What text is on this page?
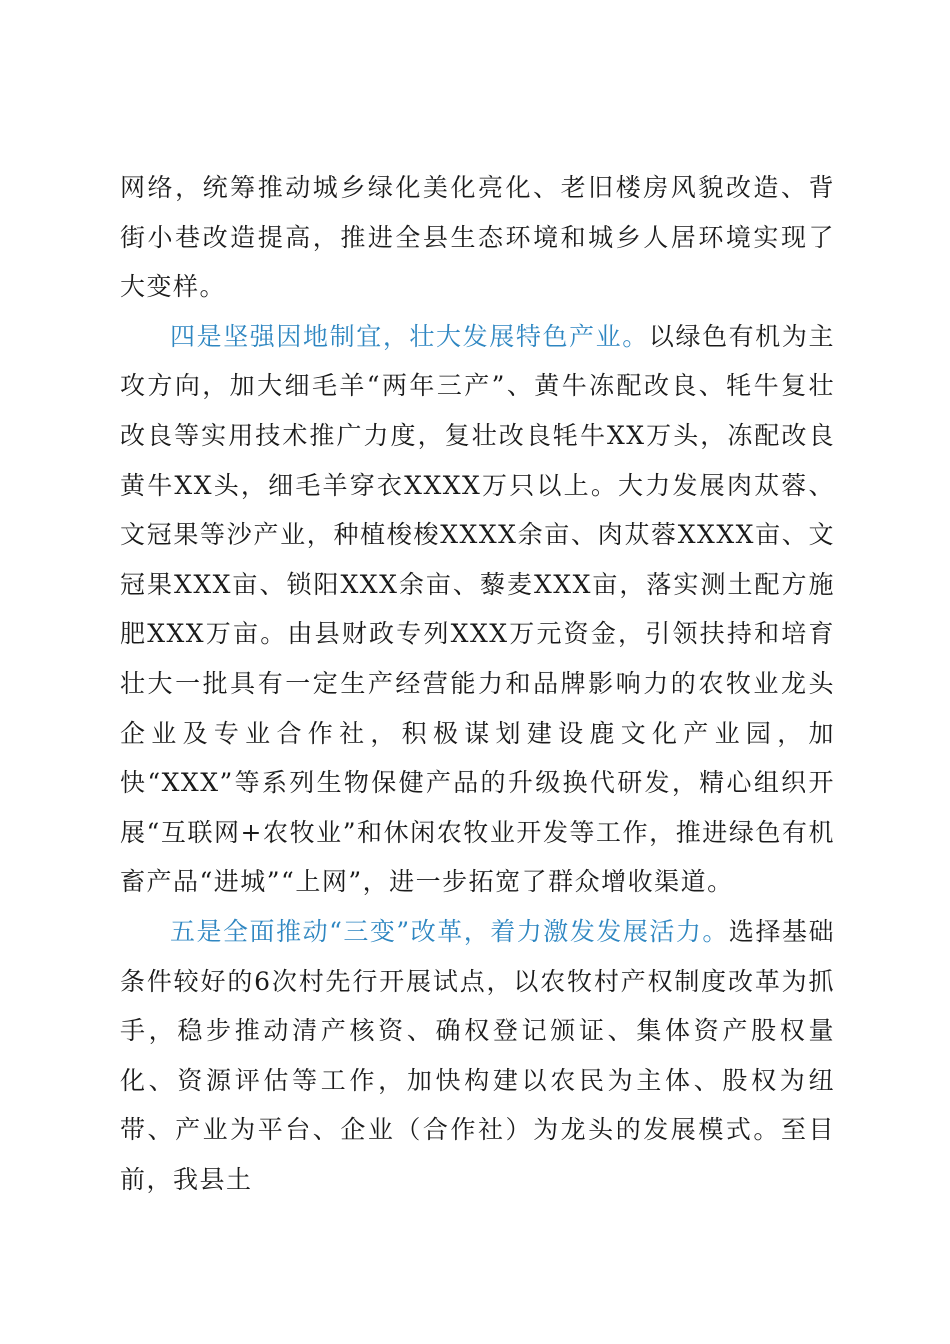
网络，统筹推动城乡绿化美化亮化、老旧楼房风貌改造、背街小巷改造提高，推进全县生态环境和城乡人居环境实现了大变样。

四是坚强因地制宜，壮大发展特色产业。以绿色有机为主攻方向，加大细毛羊“两年三产”、黄牛冻配改良、牦牛复壮改良等实用技术推广力度，复壮改良牦牛XX万头，冻配改良黄牛XX头，细毛羊穿衣XXXX万只以上。大力发展肉苁蓉、文冠果等沙产业，种植梭梭XXXX余亩、肉苁蓉XXXX亩、文冠果XXX亩、锁阳XXX余亩、藜麦XXX亩，落实测土配方施肥XXX万亩。由县财政专列XXX万元资金，引领扶持和培育壮大一批具有一定生产经营能力和品牌影响力的农牧业龙头企业及专业合作社，积极谋划建设鹿文化产业园，加快“XXX”等系列生物保健产品的升级换代研发，精心组织开展“互联网+农牧业”和休闲农牧业开发等工作，推进绿色有机畜产品“进城”“上网”，进一步拓宽了群众增收渠道。

五是全面推动“三变”改革，着力激发发展活力。选择基础条件较好的6次村先行开展试点，以农牧村产权制度改革为抓手，稳步推动清产核资、确权登记颁证、集体资产股权量化、资源评估等工作，加快构建以农民为主体、股权为纽带、产业为平台、企业（合作社）为龙头的发展模式。至目前，我县土
